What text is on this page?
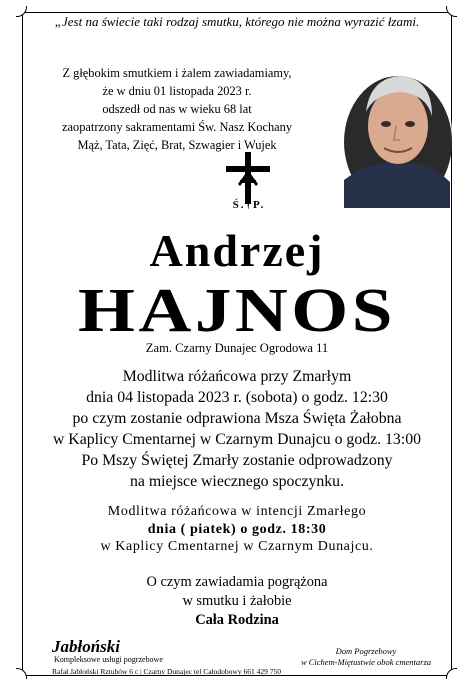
„Jest na świecie taki rodzaj smutku, którego nie można wyrazić łzami.
Z głębokim smutkiem i żalem zawiadamiamy,
że w dniu 01 listopada 2023 r.
odszedł od nas w wieku 68 lat
zaopatrzony sakramentami Św. Nasz Kochany
Mąż, Tata, Zięć, Brat, Szwagier i Wujek
Ś.†P.
Andrzej
HAJNOS
Zam. Czarny Dunajec Ogrodowa 11
Modlitwa różańcowa przy Zmarłym
dnia 04 listopada 2023 r. (sobota) o godz. 12:30
po czym zostanie odprawiona Msza Święta Żałobna
w Kaplicy Cmentarnej w Czarnym Dunajcu o godz. 13:00
Po Mszy Świętej Zmarły zostanie odprowadzony
na miejsce wiecznego spoczynku.
Modlitwa różańcowa w intencji Zmarłego
dnia ( piatek) o godz. 18:30
w Kaplicy Cmentarnej w Czarnym Dunajcu.
O czym zawiadamia pogrążona
w smutku i żałobie
Cała Rodzina
Jabłoński
Kompleksowe usługi pogrzebowe
Rafał Jabłoński Rztubów 6 c | Czarny Dunajec tel Całodobowy 661 429 750
Dom Pogrzebowy
w Cichem-Miętustwie obok cmentarza
